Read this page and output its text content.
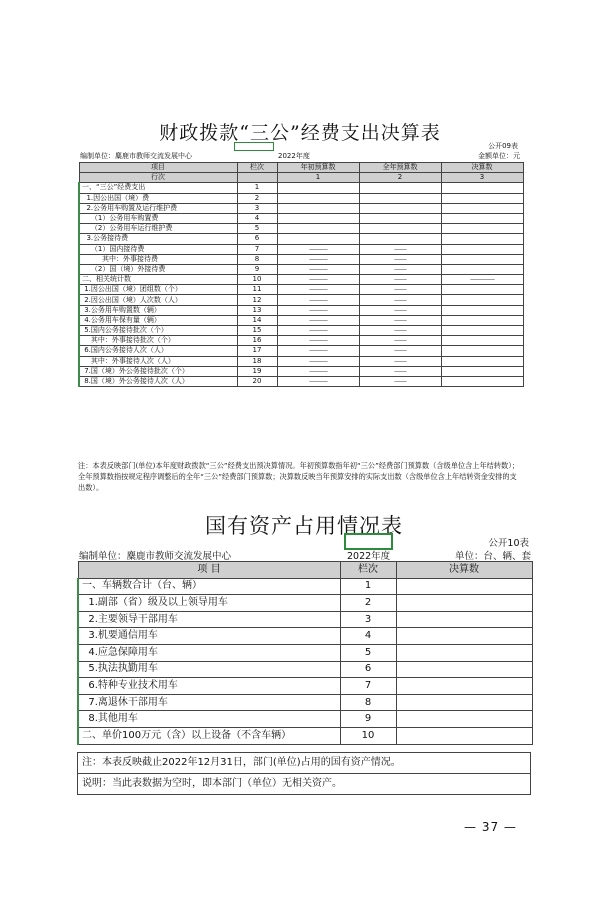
财政拨款“三公”经费支出决算表
公开09表
编制单位：麋鹿市教师交流发展中心	2022年度	金额单位：元
项目	栏次	年初预算数	全年预算数	决算数
行次		1	2	3
一、“三公”经费支出	1			
1.因公出国（境）费	2			
2.公务用车购置及运行维护费	3			
（1）公务用车购置费	4			
（2）公务用车运行维护费	5			
3.公务接待费	6			
（1）国内接待费	7	———	——	
其中：外事接待费	8	———	——	
（2）国（境）外接待费	9	———	——	
二、相关统计数	10	———	——	————
1.因公出国（境）团组数（个）	11	———	——	
2.因公出国（境）人次数（人）	12	———	——	
3.公务用车购置数（辆）	13	———	——	
4.公务用车保有量（辆）	14	———	——	
5.国内公务接待批次（个）	15	———	——	
其中：外事接待批次（个）	16	———	——	
6.国内公务接待人次（人）	17	———	——	
其中：外事接待人次（人）	18	———	——	
7.国（境）外公务接待批次（个）	19	———	——	
8.国（境）外公务接待人次（人）	20	———	——	
注：本表反映部门(单位)本年度财政拨款“三公”经费支出预决算情况。年初预算数指年初“三公”经费部门预算数（含级单位含上年结转数）；全年预算数指按规定程序调整后的全年“三公”经费部门预算数；决算数反映当年预算安排的实际支出数（含级单位含上年结转资金安排的支出数）。
国有资产占用情况表
公开10表
编制单位：麋鹿市教师交流发展中心	2022年度	单位：台、辆、套
项 目	栏次	决算数
一、车辆数合计（台、辆）	1	
1.副部（省）级及以上领导用车	2	
2.主要领导干部用车	3	
3.机要通信用车	4	
4.应急保障用车	5	
5.执法执勤用车	6	
6.特种专业技术用车	7	
7.离退休干部用车	8	
8.其他用车	9	
二、单价100万元（含）以上设备（不含车辆）	10	
注：本表反映截止2022年12月31日，部门(单位)占用的国有资产情况。
说明：当此表数据为空时，即本部门（单位）无相关资产。
— 37 —
